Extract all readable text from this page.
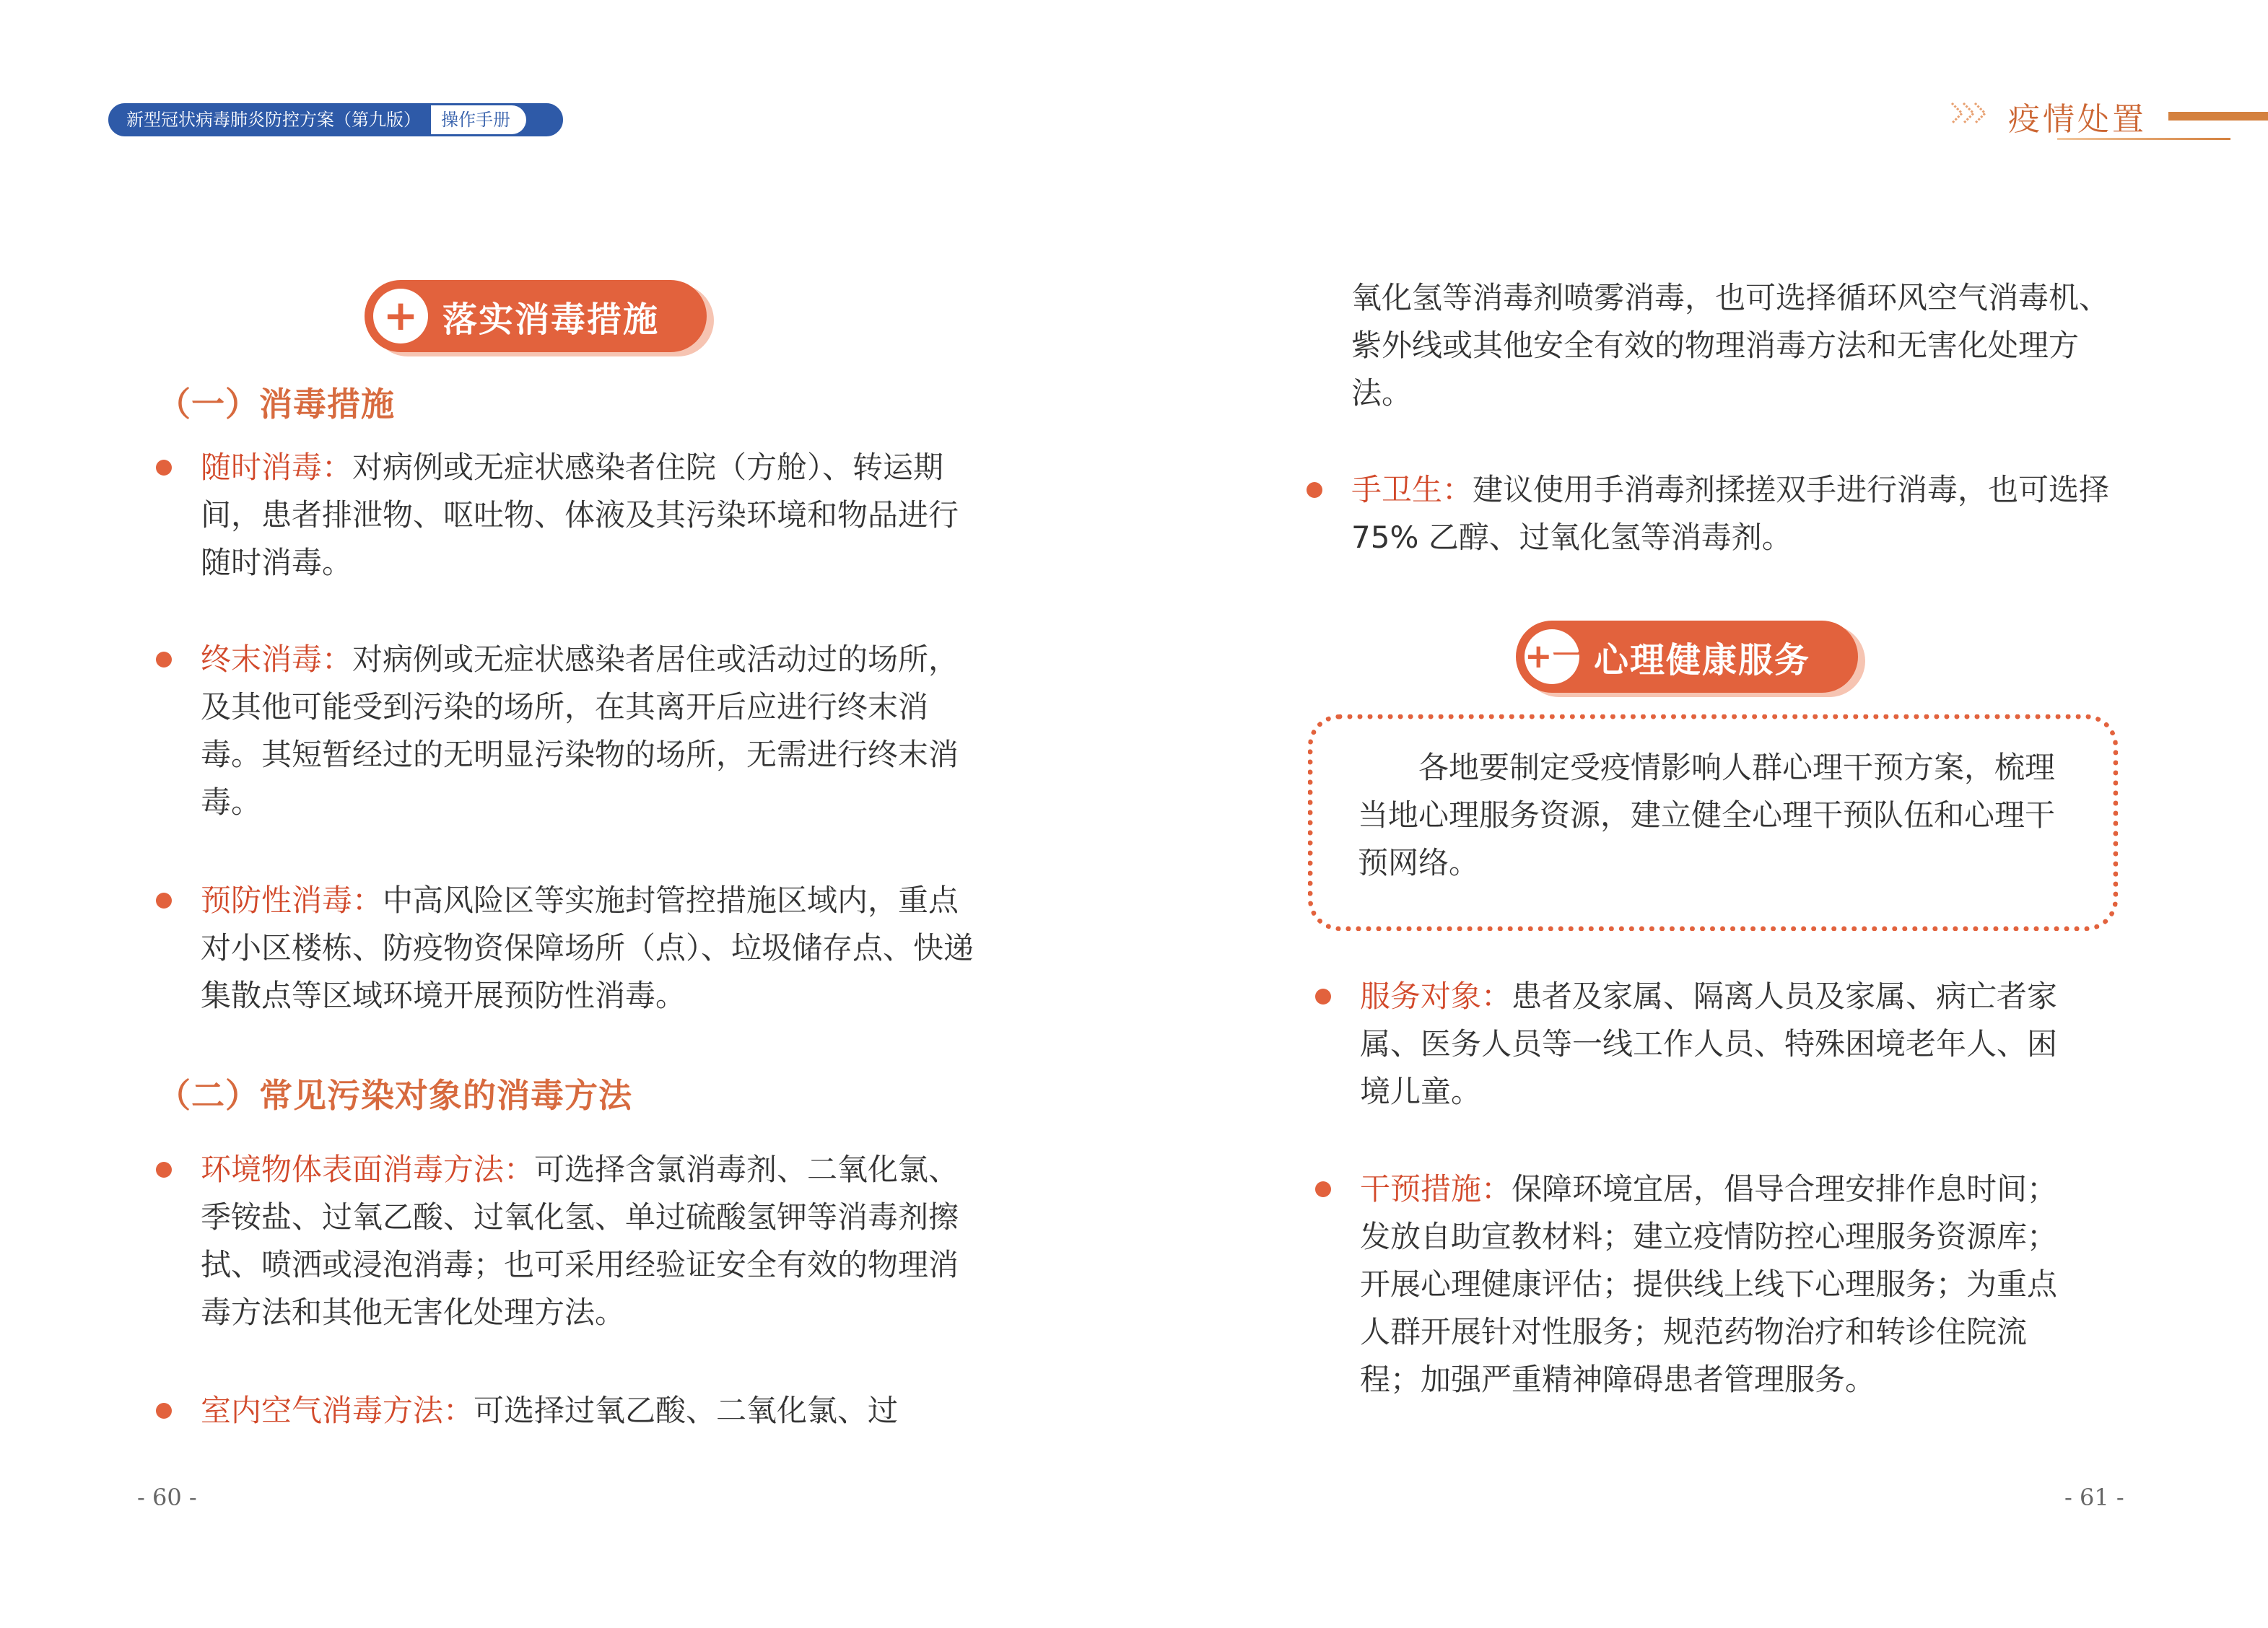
新型冠状病毒肺炎防控方案（第九版）	操作手册	疫情处置
+ 落实消毒措施
（一）消毒措施
随时消毒：对病例或无症状感染者住院（方舱）、转运期间，患者排泄物、呕吐物、体液及其污染环境和物品进行随时消毒。
终末消毒：对病例或无症状感染者居住或活动过的场所，及其他可能受到污染的场所，在其离开后应进行终末消毒。其短暂经过的无明显污染物的场所，无需进行终末消毒。
预防性消毒：中高风险区等实施封管控措施区域内，重点对小区楼栋、防疫物资保障场所（点）、垃圾储存点、快递集散点等区域环境开展预防性消毒。
（二）常见污染对象的消毒方法
环境物体表面消毒方法：可选择含氯消毒剂、二氧化氯、季铵盐、过氧乙酸、过氧化氢、单过硫酸氢钾等消毒剂擦拭、喷洒或浸泡消毒；也可采用经验证安全有效的物理消毒方法和其他无害化处理方法。
室内空气消毒方法：可选择过氧乙酸、二氧化氯、过
- 60 -
氧化氢等消毒剂喷雾消毒，也可选择循环风空气消毒机、紫外线或其他安全有效的物理消毒方法和无害化处理方法。
手卫生：建议使用手消毒剂揉搓双手进行消毒，也可选择 75% 乙醇、过氧化氢等消毒剂。
+一 心理健康服务
各地要制定受疫情影响人群心理干预方案，梳理当地心理服务资源，建立健全心理干预队伍和心理干预网络。
服务对象：患者及家属、隔离人员及家属、病亡者家属、医务人员等一线工作人员、特殊困境老年人、困境儿童。
干预措施：保障环境宜居，倡导合理安排作息时间；发放自助宣教材料；建立疫情防控心理服务资源库；开展心理健康评估；提供线上线下心理服务；为重点人群开展针对性服务；规范药物治疗和转诊住院流程；加强严重精神障碍患者管理服务。
- 61 -
